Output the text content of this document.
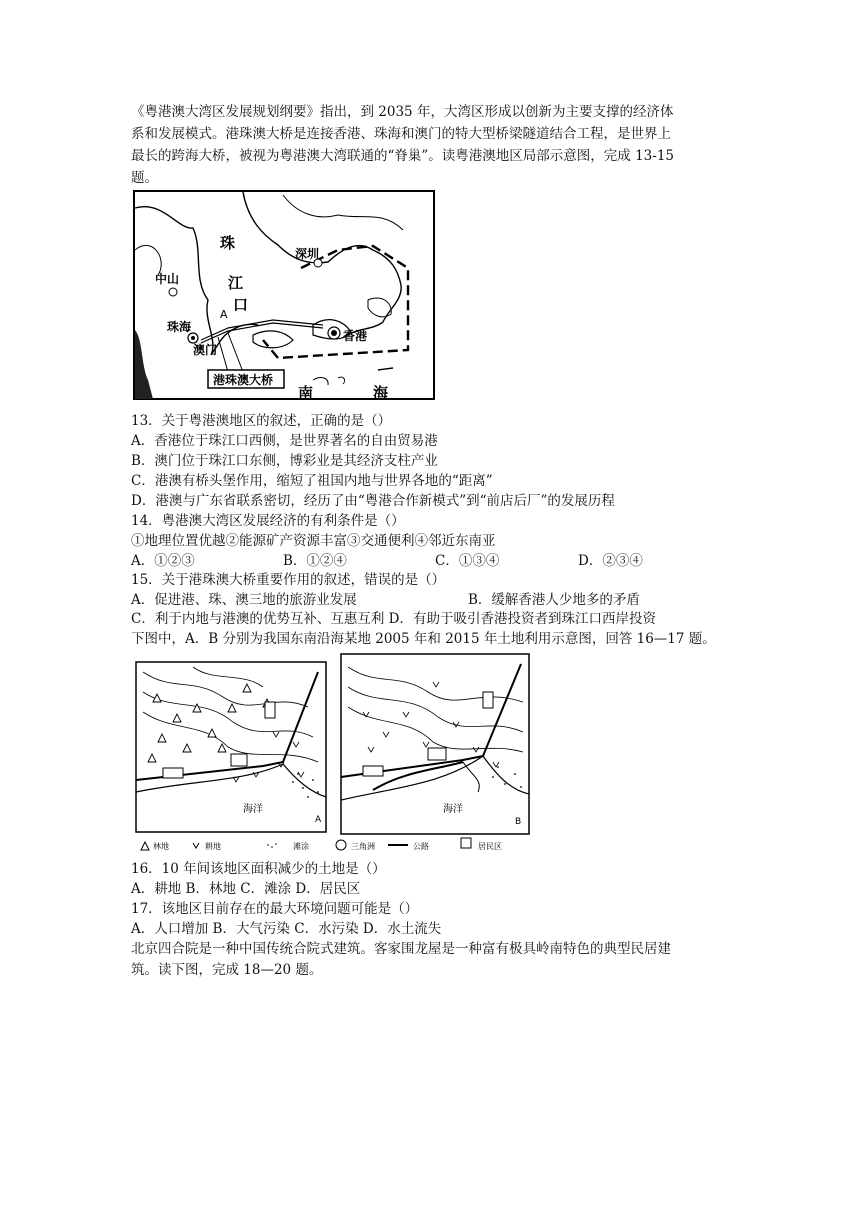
《粤港澳大湾区发展规划纲要》指出，到 2035 年，大湾区形成以创新为主要支撑的经济体
系和发展模式。港珠澳大桥是连接香港、珠海和澳门的特大型桥梁隧道结合工程，是世界上
最长的跨海大桥，被视为粤港澳大湾联通的“脊巢”。读粤港澳地区局部示意图，完成 13-15
题。
珠
江
口
深圳
中山
珠海
A
澳门
香港
港珠澳大桥
南	海
13．关于粤港澳地区的叙述，正确的是（）
A．香港位于珠江口西侧，是世界著名的自由贸易港
B．澳门位于珠江口东侧，博彩业是其经济支柱产业
C．港澳有桥头堡作用，缩短了祖国内地与世界各地的“距离”
D．港澳与广东省联系密切，经历了由“粤港合作新模式”到“前店后厂”的发展历程
14．粤港澳大湾区发展经济的有利条件是（）
①地理位置优越②能源矿产资源丰富③交通便利④邻近东南亚
A．①②③	B．①②④	C．①③④	D．②③④
15．关于港珠澳大桥重要作用的叙述，错误的是（）
A．促进港、珠、澳三地的旅游业发展	B．缓解香港人少地多的矛盾
C．利于内地与港澳的优势互补、互惠互利 D．有助于吸引香港投资者到珠江口西岸投资
下图中，A．B 分别为我国东南沿海某地 2005 年和 2015 年土地利用示意图，回答 16—17 题。
海洋
A
海洋
B
林地	耕地	滩涂	三角洲	公路	居民区
16．10 年间该地区面积减少的土地是（）
A．耕地 B．林地 C．滩涂 D．居民区
17．该地区目前存在的最大环境问题可能是（）
A．人口增加 B．大气污染 C．水污染 D．水土流失
北京四合院是一种中国传统合院式建筑。客家围龙屋是一种富有极具岭南特色的典型民居建
筑。读下图，完成 18—20 题。
